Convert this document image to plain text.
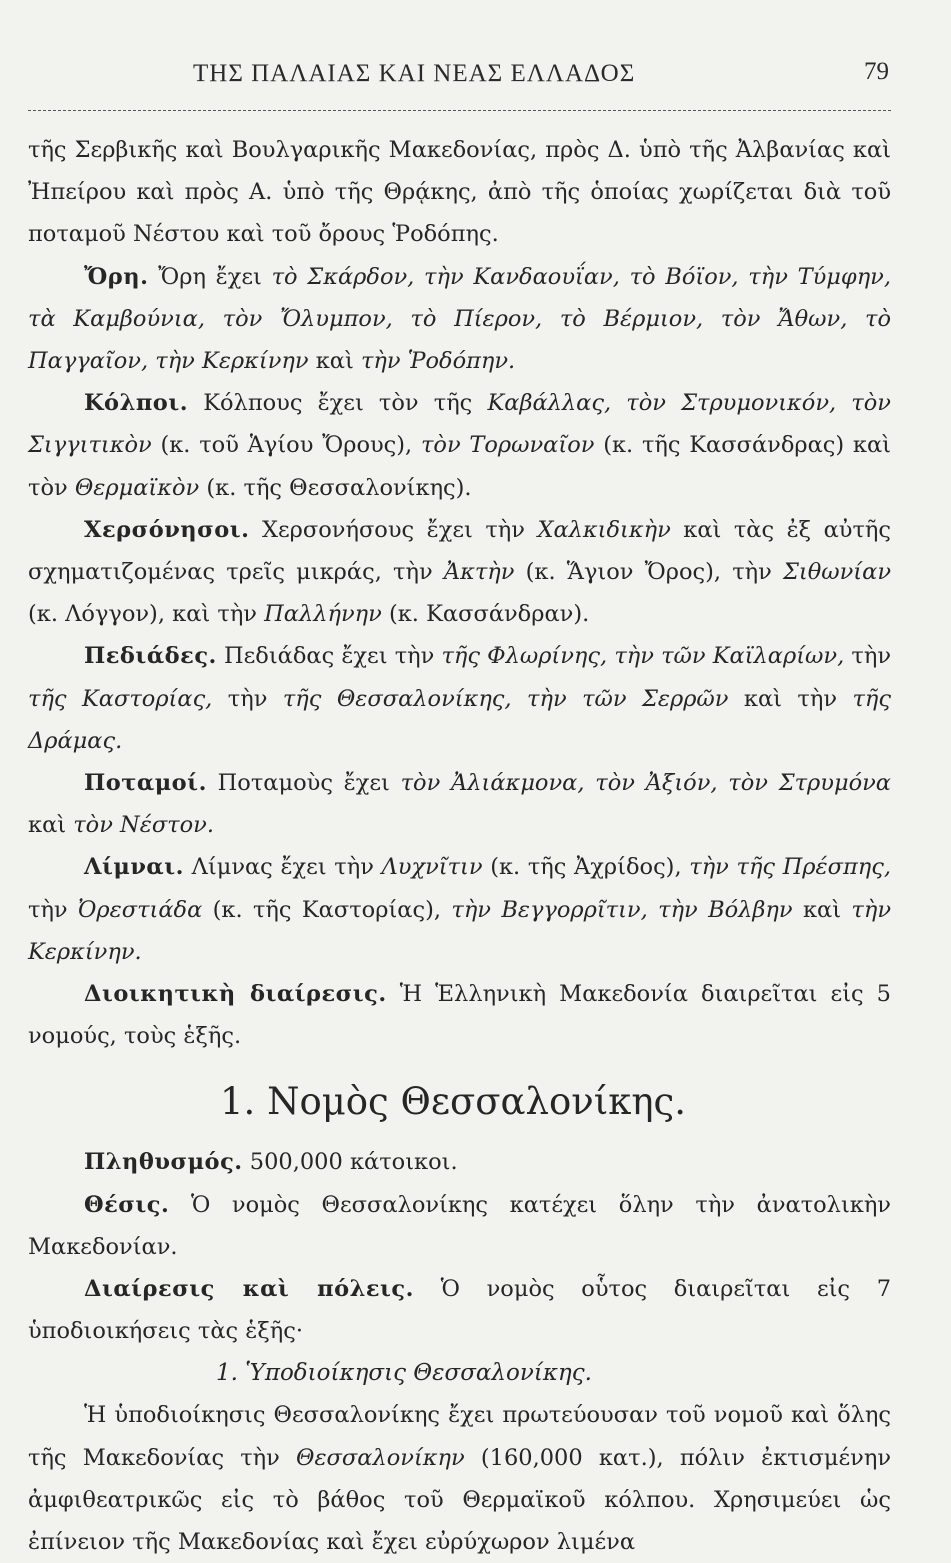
ΤΗΣ ΠΑΛΑΙΑΣ ΚΑΙ ΝΕΑΣ ΕΛΛΑΔΟΣ	79

τῆς Σερβικῆς καὶ Βουλγαρικῆς Μακεδονίας, πρὸς Δ. ὑπὸ τῆς Ἀλβανίας καὶ Ἠπείρου καὶ πρὸς Α. ὑπὸ τῆς Θρᾴκης, ἀπὸ τῆς ὁποίας χωρίζεται διὰ τοῦ ποταμοῦ Νέστου καὶ τοῦ ὄρους Ῥοδόπης.

Ὄρη. Ὄρη ἔχει τὸ Σκάρδον, τὴν Κανδαουΐαν, τὸ Βόϊον, τὴν Τύμφην, τὰ Καμβούνια, τὸν Ὄλυμπον, τὸ Πίερον, τὸ Βέρμιον, τὸν Ἄθων, τὸ Παγγαῖον, τὴν Κερκίνην καὶ τὴν Ῥοδόπην.

Κόλποι. Κόλπους ἔχει τὸν τῆς Καβάλλας, τὸν Στρυμονικόν, τὸν Σιγγιτικὸν (κ. τοῦ Ἁγίου Ὄρους), τὸν Τορωναῖον (κ. τῆς Κασσάνδρας) καὶ τὸν Θερμαϊκὸν (κ. τῆς Θεσσαλονίκης).

Χερσόνησοι. Χερσονήσους ἔχει τὴν Χαλκιδικὴν καὶ τὰς ἐξ αὐτῆς σχηματιζομένας τρεῖς μικράς, τὴν Ἀκτὴν (κ. Ἅγιον Ὄρος), τὴν Σιθωνίαν (κ. Λόγγον), καὶ τὴν Παλλήνην (κ. Κασσάνδραν).

Πεδιάδες. Πεδιάδας ἔχει τὴν τῆς Φλωρίνης, τὴν τῶν Καϊλαρίων, τὴν τῆς Καστορίας, τὴν τῆς Θεσσαλονίκης, τὴν τῶν Σερρῶν καὶ τὴν τῆς Δράμας.

Ποταμοί. Ποταμοὺς ἔχει τὸν Ἀλιάκμονα, τὸν Ἀξιόν, τὸν Στρυμόνα καὶ τὸν Νέστον.

Λίμναι. Λίμνας ἔχει τὴν Λυχνῖτιν (κ. τῆς Ἀχρίδος), τὴν τῆς Πρέσπης, τὴν Ὀρεστιάδα (κ. τῆς Καστορίας), τὴν Βεγγορρῖτιν, τὴν Βόλβην καὶ τὴν Κερκίνην.

Διοικητικὴ διαίρεσις. Ἡ Ἑλληνικὴ Μακεδονία διαιρεῖται εἰς 5 νομούς, τοὺς ἑξῆς.

1. Νομὸς Θεσσαλονίκης.

Πληθυσμός. 500,000 κάτοικοι.

Θέσις. Ὁ νομὸς Θεσσαλονίκης κατέχει ὅλην τὴν ἀνατολικὴν Μακεδονίαν.

Διαίρεσις καὶ πόλεις. Ὁ νομὸς οὗτος διαιρεῖται εἰς 7 ὑποδιοικήσεις τὰς ἑξῆς·

1. Ὑποδιοίκησις Θεσσαλονίκης.

Ἡ ὑποδιοίκησις Θεσσαλονίκης ἔχει πρωτεύουσαν τοῦ νομοῦ καὶ ὅλης τῆς Μακεδονίας τὴν Θεσσαλονίκην (160,000 κατ.), πόλιν ἐκτισμένην ἀμφιθεατρικῶς εἰς τὸ βάθος τοῦ Θερμαϊκοῦ κόλπου. Χρησιμεύει ὡς ἐπίνειον τῆς Μακεδονίας καὶ ἔχει εὐρύχωρον λιμένα
